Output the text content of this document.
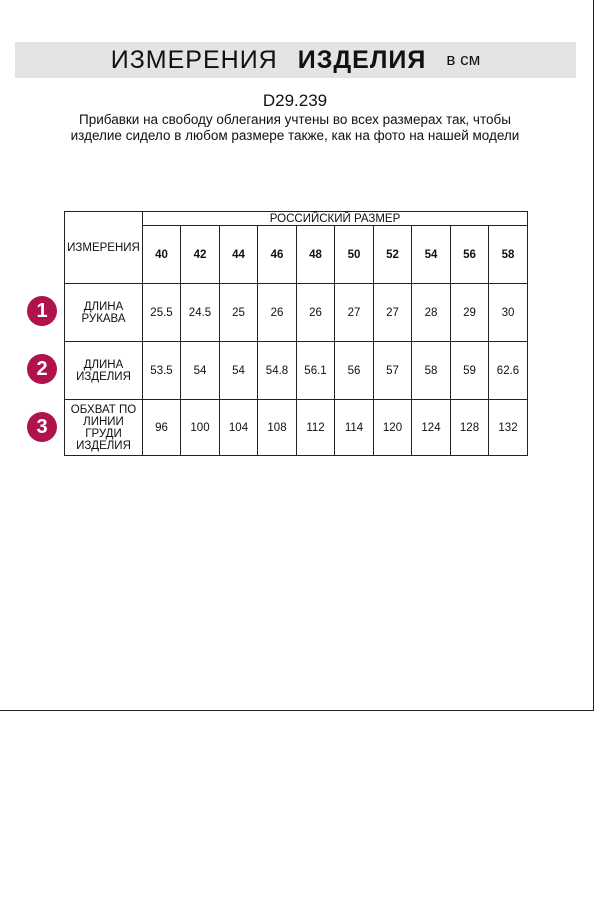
ИЗМЕРЕНИЯ ИЗДЕЛИЯ в см
D29.239
Прибавки на свободу облегания учтены во всех размерах так, чтобы изделие сидело в любом размере также, как на фото на нашей модели
ИЗМЕРЕНИЯ	РОССИЙСКИЙ РАЗМЕР									
	40	42	44	46	48	50	52	54	56	58
ДЛИНА РУКАВА	25.5	24.5	25	26	26	27	27	28	29	30
ДЛИНА ИЗДЕЛИЯ	53.5	54	54	54.8	56.1	56	57	58	59	62.6
ОБХВАТ ПО ЛИНИИ ГРУДИ ИЗДЕЛИЯ	96	100	104	108	112	114	120	124	128	132
1
2
3
